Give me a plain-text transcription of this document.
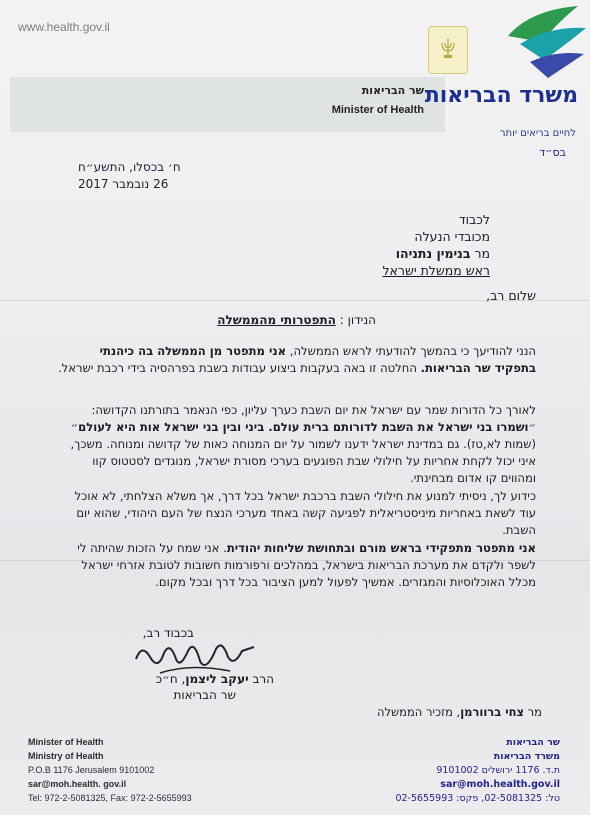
www.health.gov.il
משרד הבריאות
לחיים בריאים יותר
שר הבריאות
Minister of Health
בס״ד
ח׳ בכסלו, התשע״ח
26 נובמבר 2017
לכבוד
מכובדי הנעלה
מר בנימין נתניהו
ראש ממשלת ישראל
שלום רב,
הנידון : התפטרותי מהממשלה
הנני להודיעך כי בהמשך להודעתי לראש הממשלה, אני מתפטר מן הממשלה בה כיהנתי בתפקיד שר הבריאות. החלטה זו באה בעקבות ביצוע עבודות בשבת בפרהסיה בידי רכבת ישראל.
לאורך כל הדורות שמר עם ישראל את יום השבת כערך עליון, כפי הנאמר בתורתנו הקדושה: ״ושמרו בני ישראל את השבת לדורותם ברית עולם. ביני ובין בני ישראל אות היא לעולם״ (שמות לא,טז). גם במדינת ישראל ידענו לשמור על יום המנוחה כאות של קדושה ומנוחה. משכך, איני יכול לקחת אחריות על חילולי שבת הפוגעים בערכי מסורת ישראל, מנוגדים לסטטוס קוו ומהווים קו אדום מבחינתי.
כידוע לך, ניסיתי למנוע את חילולי השבת ברכבת ישראל בכל דרך, אך משלא הצלחתי, לא אוכל עוד לשאת באחריות מיניסטריאלית לפגיעה קשה באחד מערכי הנצח של העם היהודי, שהוא יום השבת.
אני מתפטר מתפקידי בראש מורם ובתחושת שליחות יהודית. אני שמח על הזכות שהיתה לי לשפר ולקדם את מערכת הבריאות בישראל, במהלכים ורפורמות חשובות לטובת אזרחי ישראל מכלל האוכלוסיות והמגזרים. אמשיך לפעול למען הציבור בכל דרך ובכל מקום.
בכבוד רב,
הרב יעקב ליצמן, ח״כ
שר הבריאות
מר צחי ברוורמן, מזכיר הממשלה
Minister of Health
Ministry of Health
P.O.B 1176 Jerusalem 9101002
sar@moh.health. gov.il
Tel: 972-2-5081325, Fax: 972-2-5655993
שר הבריאות
משרד הבריאות
ת.ד. 1176 ירושלים 9101002
sar@moh.health.gov.il
טל: 02-5081325, פקס: 02-5655993
